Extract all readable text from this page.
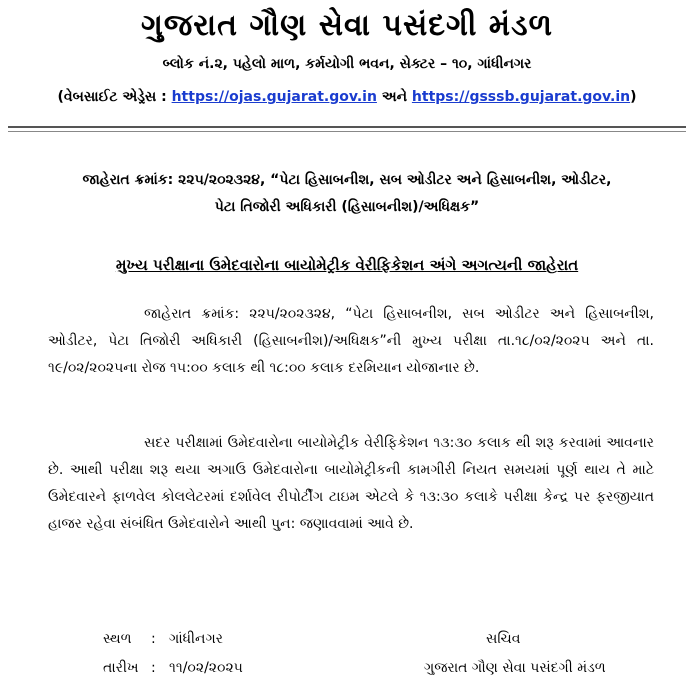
ગુજરાત ગૌણ સેવા પસંદગી મંડળ
બ્લોક નં.૨, પહેલો માળ, કર્મયોગી ભવન, સેક્ટર – ૧૦, ગાંધીનગર
(વેબસાઈટ એડ્રેસ : https://ojas.gujarat.gov.in અને https://gsssb.gujarat.gov.in)
જાહેરાત ક્રમાંક: ૨૨૫/૨૦૨૩૨૪, “પેટા હિસાબનીશ, સબ ઓડીટર અને હિસાબનીશ, ઓડીટર,
પેટા તિજોરી અધિકારી (હિસાબનીશ)/અધિક્ષક”
મુખ્ય પરીક્ષાના ઉમેદવારોના બાયોમેટ્રીક વેરીફિકેશન અંગે અગત્યની જાહેરાત

જાહેરાત ક્રમાંક: ૨૨૫/૨૦૨૩૨૪, “પેટા હિસાબનીશ, સબ ઓડીટર અને હિસાબનીશ, ઓડીટર, પેટા તિજોરી અધિકારી (હિસાબનીશ)/અધિક્ષક”ની મુખ્ય પરીક્ષા તા.૧૮/૦૨/૨૦૨૫ અને તા. ૧૯/૦૨/૨૦૨૫ના રોજ ૧૫:૦૦ કલાક થી ૧૮:૦૦ કલાક દરમિયાન યોજાનાર છે.

સદર પરીક્ષામાં ઉમેદવારોના બાયોમેટ્રીક વેરીફિકેશન ૧૩:૩૦ કલાક થી શરૂ કરવામાં આવનાર છે. આથી પરીક્ષા શરૂ થયા અગાઉ ઉમેદવારોના બાયોમેટ્રીકની કામગીરી નિયત સમયમાં પૂર્ણ થાય તે માટે ઉમેદવારને ફાળવેલ કોલલેટરમાં દર્શાવેલ રીપોર્ટીંગ ટાઇમ એટલે કે ૧૩:૩૦ કલાકે પરીક્ષા કેન્દ્ર પર ફરજીયાત હાજર રહેવા સંબંધિત ઉમેદવારોને આથી પુન: જણાવવામાં આવે છે.

સ્થળ : ગાંધીનગર
તારીખ : ૧૧/૦૨/૨૦૨૫
સચિવ
ગુજરાત ગૌણ સેવા પસંદગી મંડળ
